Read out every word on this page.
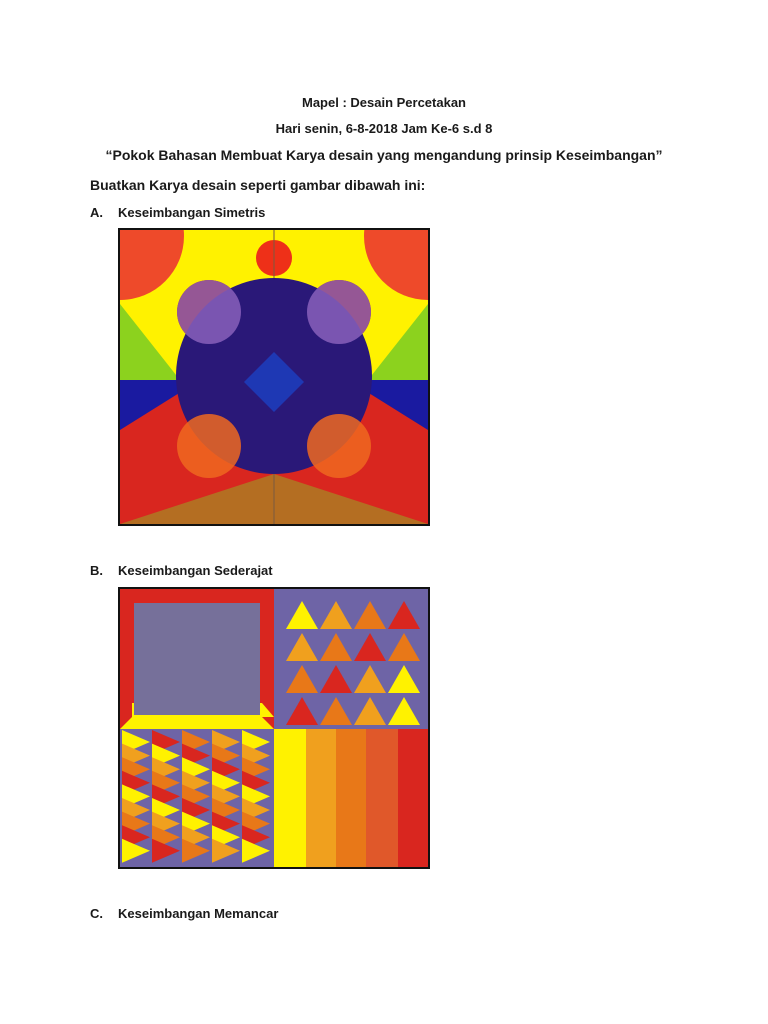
Mapel : Desain Percetakan
Hari senin, 6-8-2018 Jam Ke-6 s.d 8
“Pokok Bahasan Membuat Karya desain yang mengandung prinsip Keseimbangan”
Buatkan Karya desain seperti gambar dibawah ini:
A. Keseimbangan Simetris
B. Keseimbangan Sederajat
C. Keseimbangan Memancar
